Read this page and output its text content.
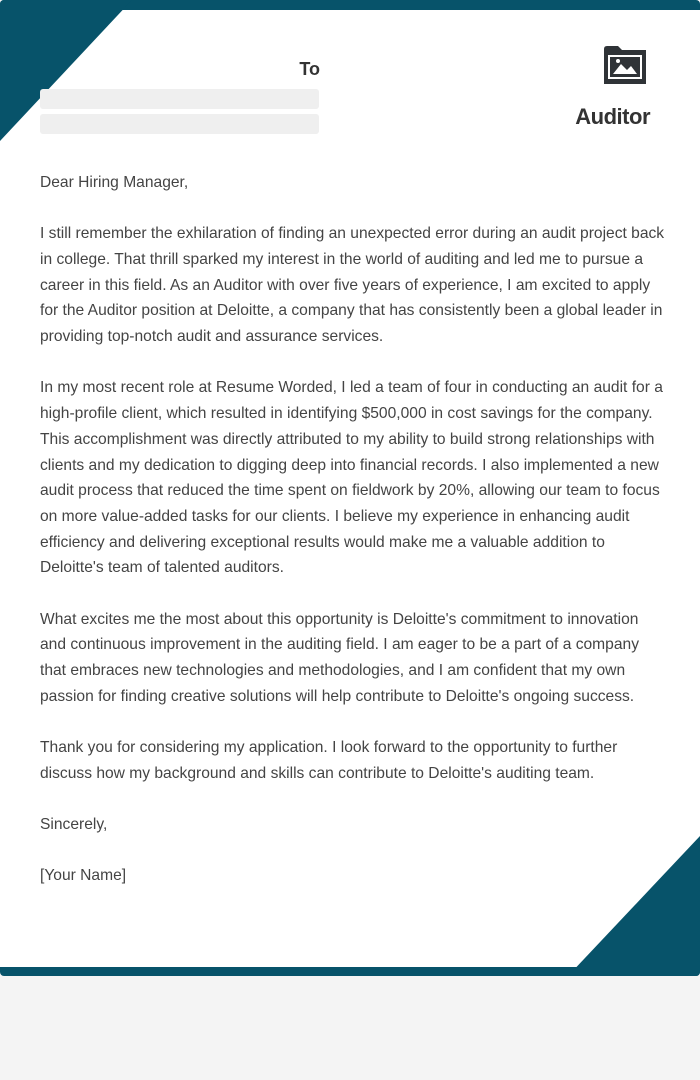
To
Auditor

Dear Hiring Manager,

I still remember the exhilaration of finding an unexpected error during an audit project back in college. That thrill sparked my interest in the world of auditing and led me to pursue a career in this field. As an Auditor with over five years of experience, I am excited to apply for the Auditor position at Deloitte, a company that has consistently been a global leader in providing top-notch audit and assurance services.

In my most recent role at Resume Worded, I led a team of four in conducting an audit for a high-profile client, which resulted in identifying $500,000 in cost savings for the company. This accomplishment was directly attributed to my ability to build strong relationships with clients and my dedication to digging deep into financial records. I also implemented a new audit process that reduced the time spent on fieldwork by 20%, allowing our team to focus on more value-added tasks for our clients. I believe my experience in enhancing audit efficiency and delivering exceptional results would make me a valuable addition to Deloitte's team of talented auditors.

What excites me the most about this opportunity is Deloitte's commitment to innovation and continuous improvement in the auditing field. I am eager to be a part of a company that embraces new technologies and methodologies, and I am confident that my own passion for finding creative solutions will help contribute to Deloitte's ongoing success.

Thank you for considering my application. I look forward to the opportunity to further discuss how my background and skills can contribute to Deloitte's auditing team.

Sincerely,

[Your Name]
